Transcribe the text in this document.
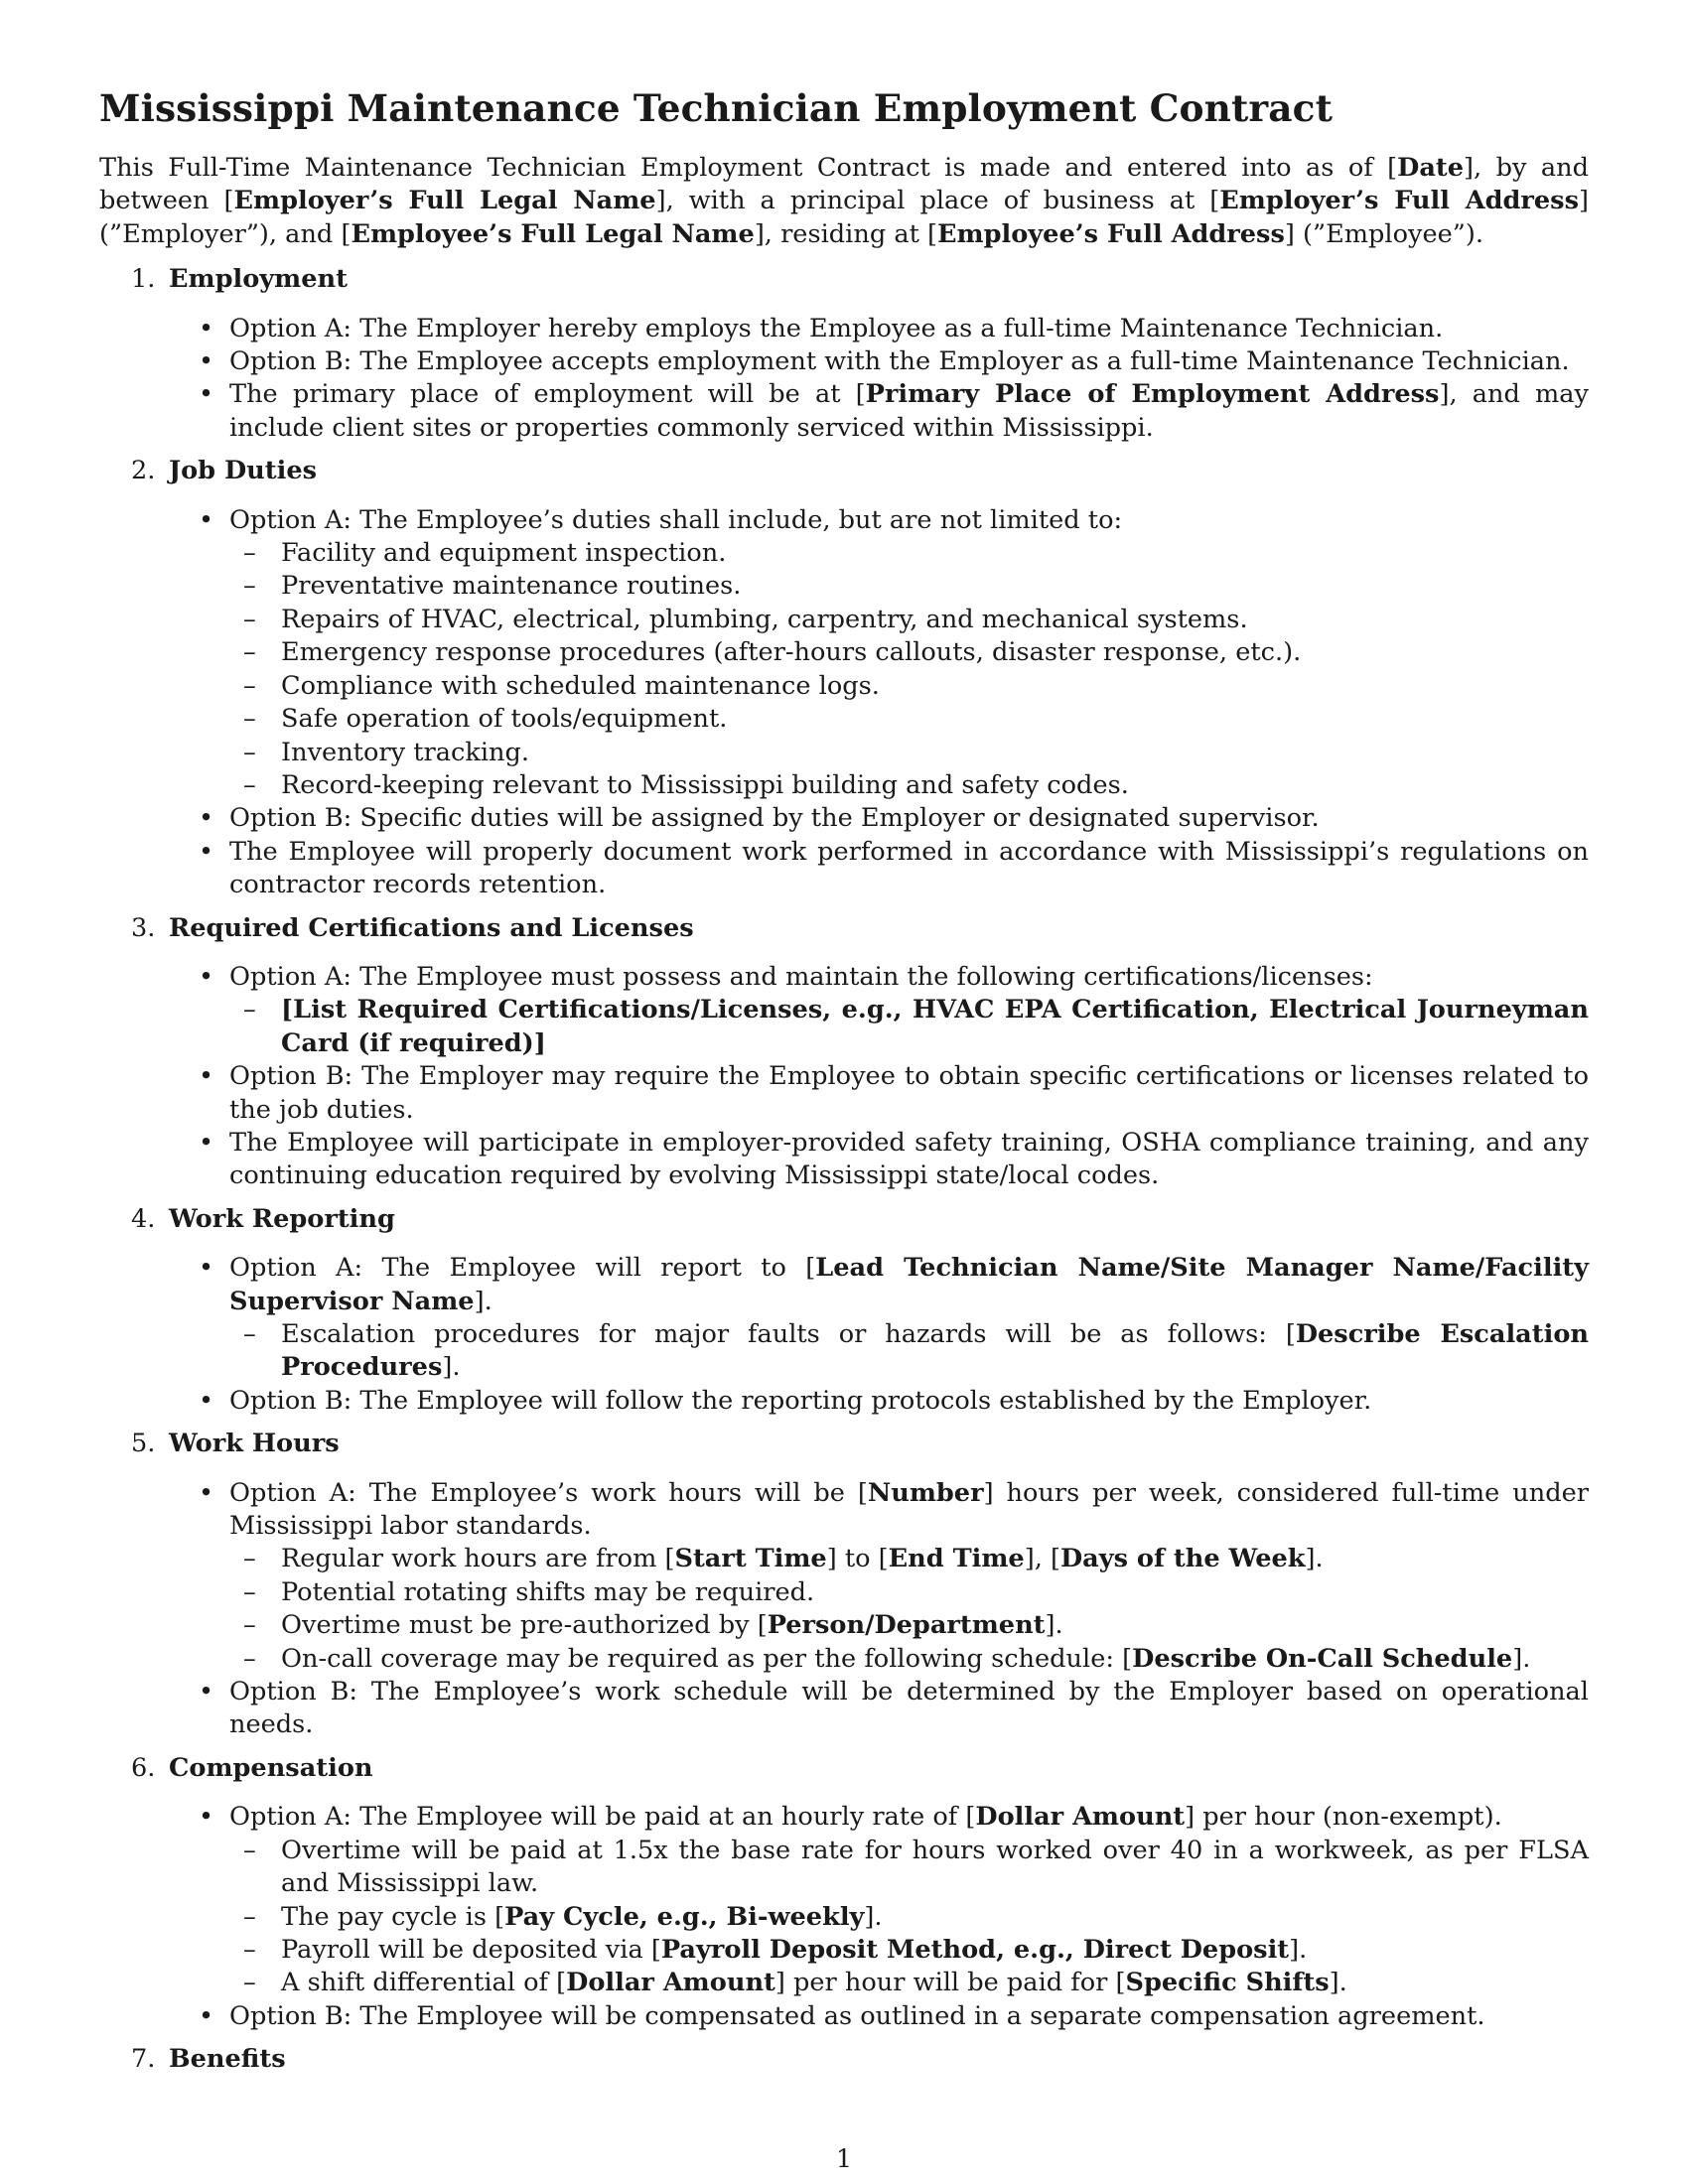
Mississippi Maintenance Technician Employment Contract

This Full-Time Maintenance Technician Employment Contract is made and entered into as of [Date], by and between [Employer’s Full Legal Name], with a principal place of business at [Employer’s Full Address] (”Employer”), and [Employee’s Full Legal Name], residing at [Employee’s Full Address] (”Employee”).

1. Employment
• Option A: The Employer hereby employs the Employee as a full-time Maintenance Technician.
• Option B: The Employee accepts employment with the Employer as a full-time Maintenance Technician.
• The primary place of employment will be at [Primary Place of Employment Address], and may include client sites or properties commonly serviced within Mississippi.
2. Job Duties
• Option A: The Employee’s duties shall include, but are not limited to:
– Facility and equipment inspection.
– Preventative maintenance routines.
– Repairs of HVAC, electrical, plumbing, carpentry, and mechanical systems.
– Emergency response procedures (after-hours callouts, disaster response, etc.).
– Compliance with scheduled maintenance logs.
– Safe operation of tools/equipment.
– Inventory tracking.
– Record-keeping relevant to Mississippi building and safety codes.
• Option B: Specific duties will be assigned by the Employer or designated supervisor.
• The Employee will properly document work performed in accordance with Mississippi’s regulations on contractor records retention.
3. Required Certifications and Licenses
• Option A: The Employee must possess and maintain the following certifications/licenses:
– [List Required Certifications/Licenses, e.g., HVAC EPA Certification, Electrical Journeyman Card (if required)]
• Option B: The Employer may require the Employee to obtain specific certifications or licenses related to the job duties.
• The Employee will participate in employer-provided safety training, OSHA compliance training, and any continuing education required by evolving Mississippi state/local codes.
4. Work Reporting
• Option A: The Employee will report to [Lead Technician Name/Site Manager Name/Facility Supervisor Name].
– Escalation procedures for major faults or hazards will be as follows: [Describe Escalation Procedures].
• Option B: The Employee will follow the reporting protocols established by the Employer.
5. Work Hours
• Option A: The Employee’s work hours will be [Number] hours per week, considered full-time under Mississippi labor standards.
– Regular work hours are from [Start Time] to [End Time], [Days of the Week].
– Potential rotating shifts may be required.
– Overtime must be pre-authorized by [Person/Department].
– On-call coverage may be required as per the following schedule: [Describe On-Call Schedule].
• Option B: The Employee’s work schedule will be determined by the Employer based on operational needs.
6. Compensation
• Option A: The Employee will be paid at an hourly rate of [Dollar Amount] per hour (non-exempt).
– Overtime will be paid at 1.5x the base rate for hours worked over 40 in a workweek, as per FLSA and Mississippi law.
– The pay cycle is [Pay Cycle, e.g., Bi-weekly].
– Payroll will be deposited via [Payroll Deposit Method, e.g., Direct Deposit].
– A shift differential of [Dollar Amount] per hour will be paid for [Specific Shifts].
• Option B: The Employee will be compensated as outlined in a separate compensation agreement.
7. Benefits
1
